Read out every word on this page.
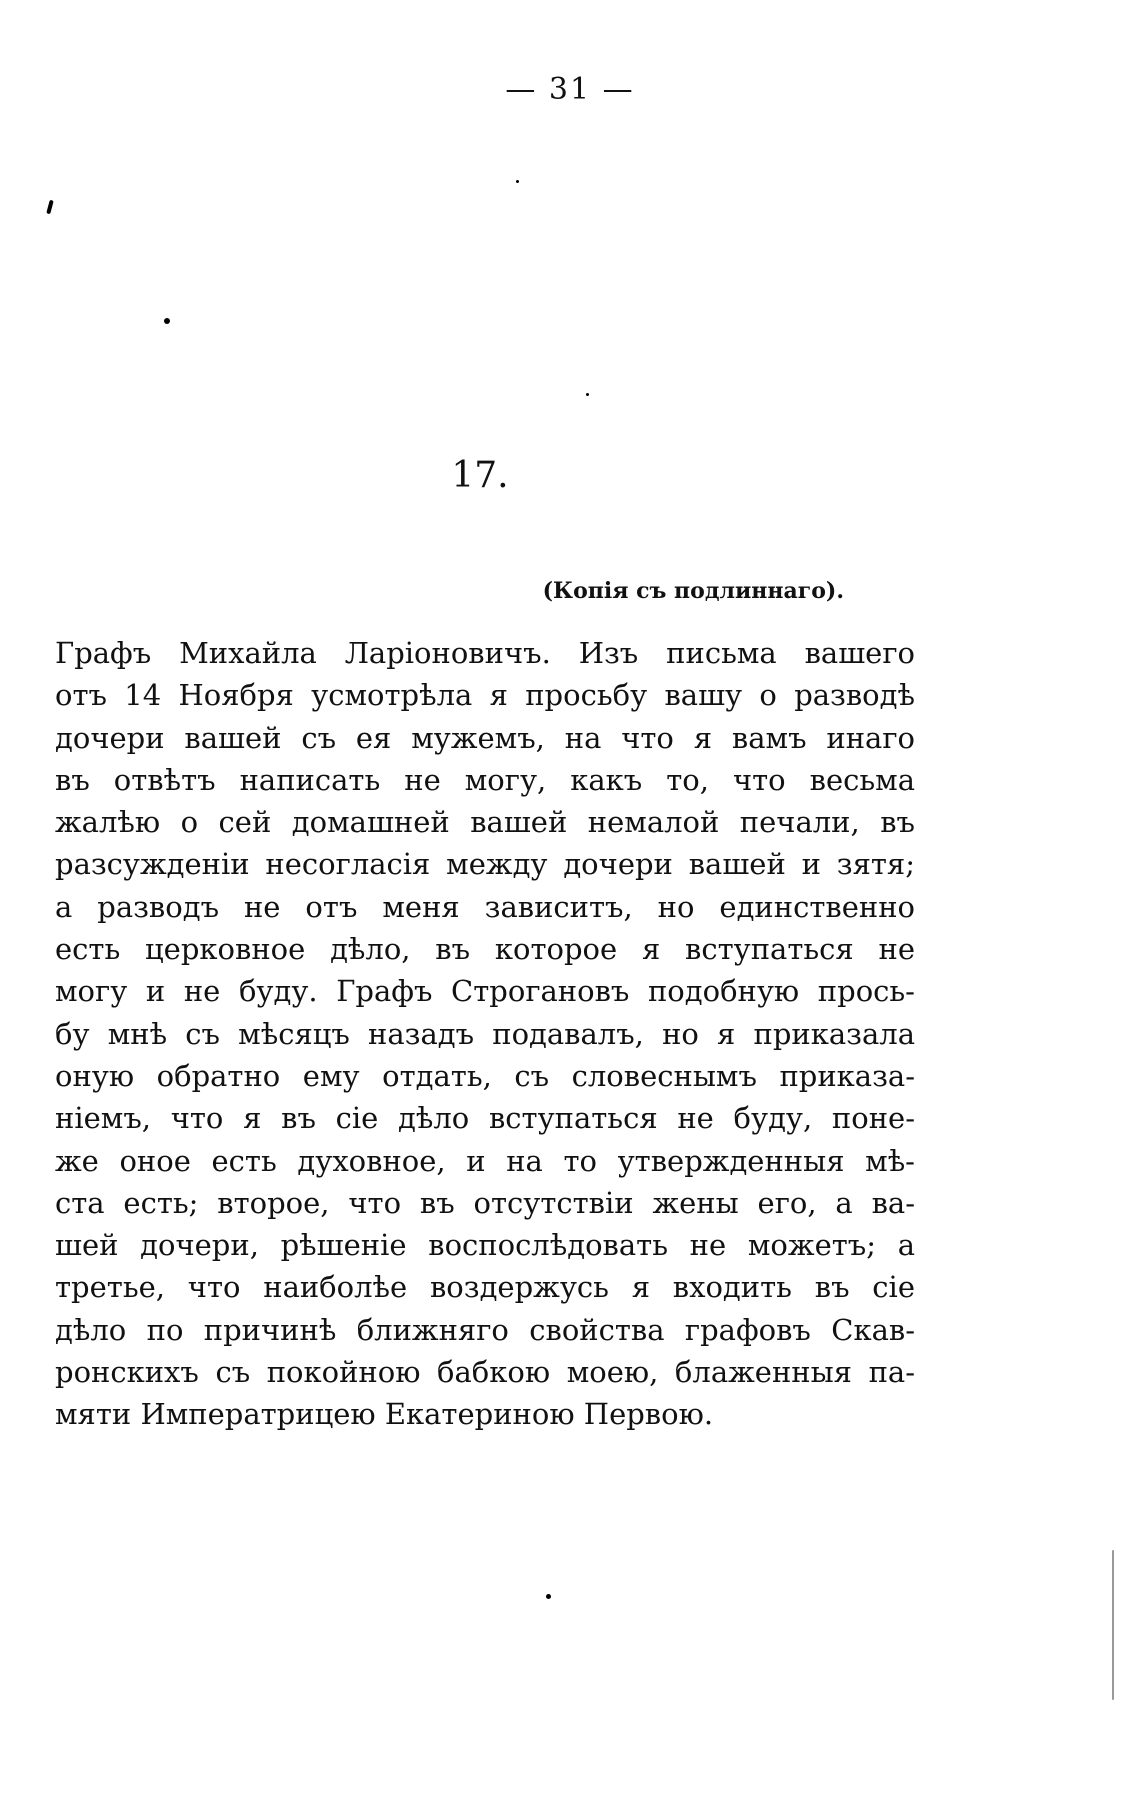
— 31 —
17.
(Копія съ подлиннаго).
Графъ Михайла Ларіоновичъ. Изъ письма вашего
отъ 14 Ноября усмотрѣла я просьбу вашу о разводѣ
дочери вашей съ ея мужемъ, на что я вамъ инаго
въ отвѣтъ написать не могу, какъ то, что весьма
жалѣю о сей домашней вашей немалой печали, въ
разсужденіи несогласія между дочери вашей и зятя;
а разводъ не отъ меня зависитъ, но единственно
есть церковное дѣло, въ которое я вступаться не
могу и не буду. Графъ Строгановъ подобную прось-
бу мнѣ съ мѣсяцъ назадъ подавалъ, но я приказала
оную обратно ему отдать, съ словеснымъ приказа-
ніемъ, что я въ сіе дѣло вступаться не буду, поне-
же оное есть духовное, и на то утвержденныя мѣ-
ста есть; второе, что въ отсутствіи жены его, а ва-
шей дочери, рѣшеніе воспослѣдовать не можетъ; а
третье, что наиболѣе воздержусь я входить въ сіе
дѣло по причинѣ ближняго свойства графовъ Скав-
ронскихъ съ покойною бабкою моею, блаженныя па-
мяти Императрицею Екатериною Первою.
